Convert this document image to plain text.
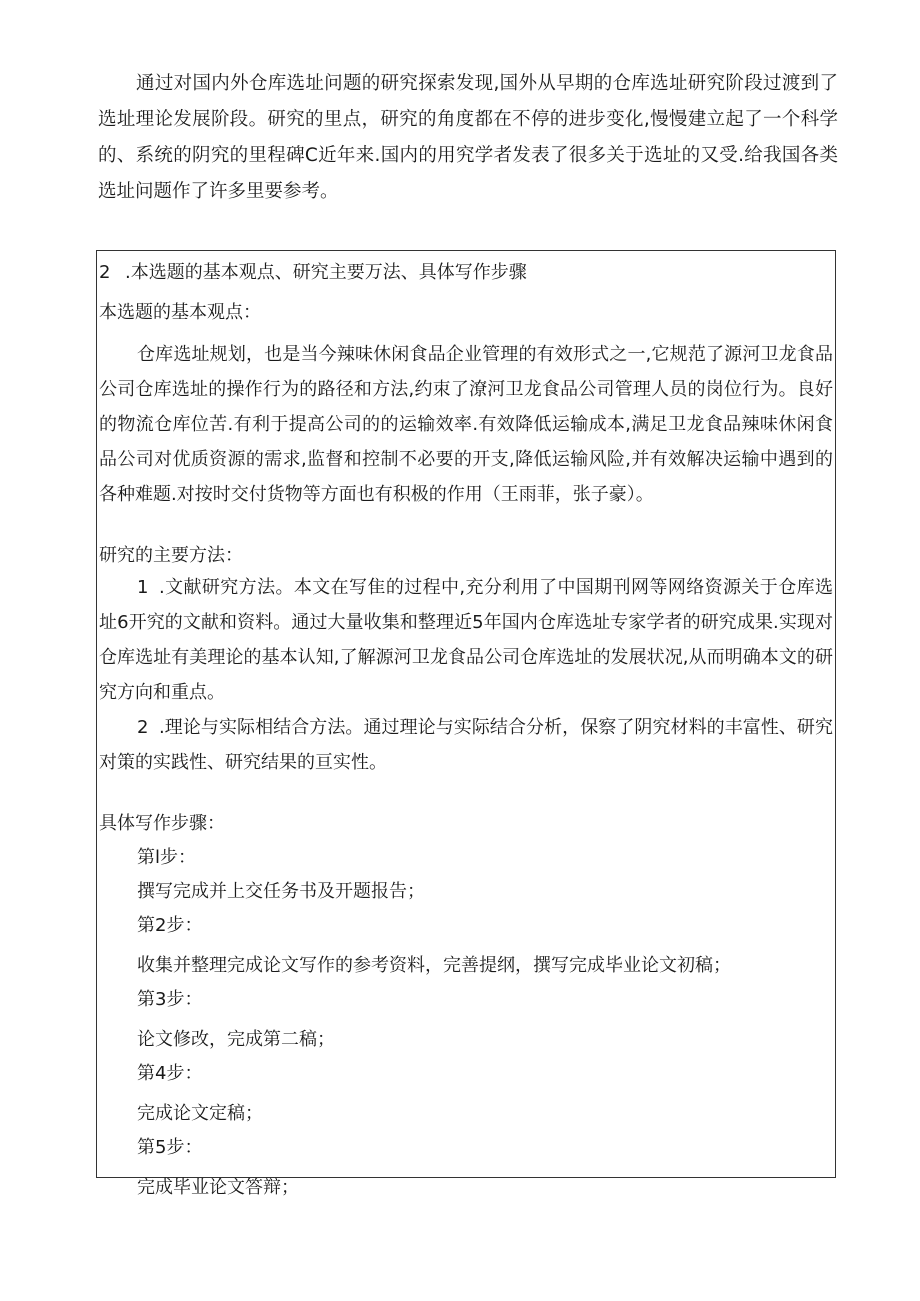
通过对国内外仓库选址问题的研究探索发现,国外从早期的仓库选址研究阶段过渡到了选址理论发展阶段。研究的里点，研究的角度都在不停的进步变化,慢慢建立起了一个科学的、系统的阴究的里程碑C近年来.国内的用究学者发表了很多关于选址的又受.给我国各类选址问题作了许多里要参考。

2 .本选题的基本观点、研究主要万法、具体写作步骤

本选题的基本观点：

仓库选址规划，也是当今辣味休闲食品企业管理的有效形式之一,它规范了源河卫龙食品公司仓库选址的操作行为的路径和方法,约朿了潦河卫龙食品公司管理人员的岗位行为。良好的物流仓库位苦.有利于提高公司的的运输效率.有效降低运输成本,满足卫龙食品辣味休闲食品公司对优质资源的需求,监督和控制不必要的开支,降低运输风险,并有效解决运输中遇到的各种难题.对按时交付货物等方面也有积极的作用（王雨菲，张子豪）。

研究的主要方法：

1 .文献研究方法。本文在写隹的过程中,充分利用了中国期刊网等网络资源关于仓库选址6开究的文献和资料。通过大量收集和整理近5年国内仓库选址专家学者的研究成果.实现对仓库选址有美理论的基本认知,了解源河卫龙食品公司仓库选址的发展状况,从而明确本文的研究方向和重点。

2 .理论与实际相结合方法。通过理论与实际结合分析，保察了阴究材料的丰富性、研究对策的实践性、研究结果的亘实性。

具体写作步骤：

第l步：

撰写完成并上交任务书及开题报告；

第2步：

收集并整理完成论文写作的参考资料，完善提纲，撰写完成毕业论文初稿；

第3步：

论文修改，完成第二稿；

第4步：

完成论文定稿；

第5步：

完成毕业论文答辩；
